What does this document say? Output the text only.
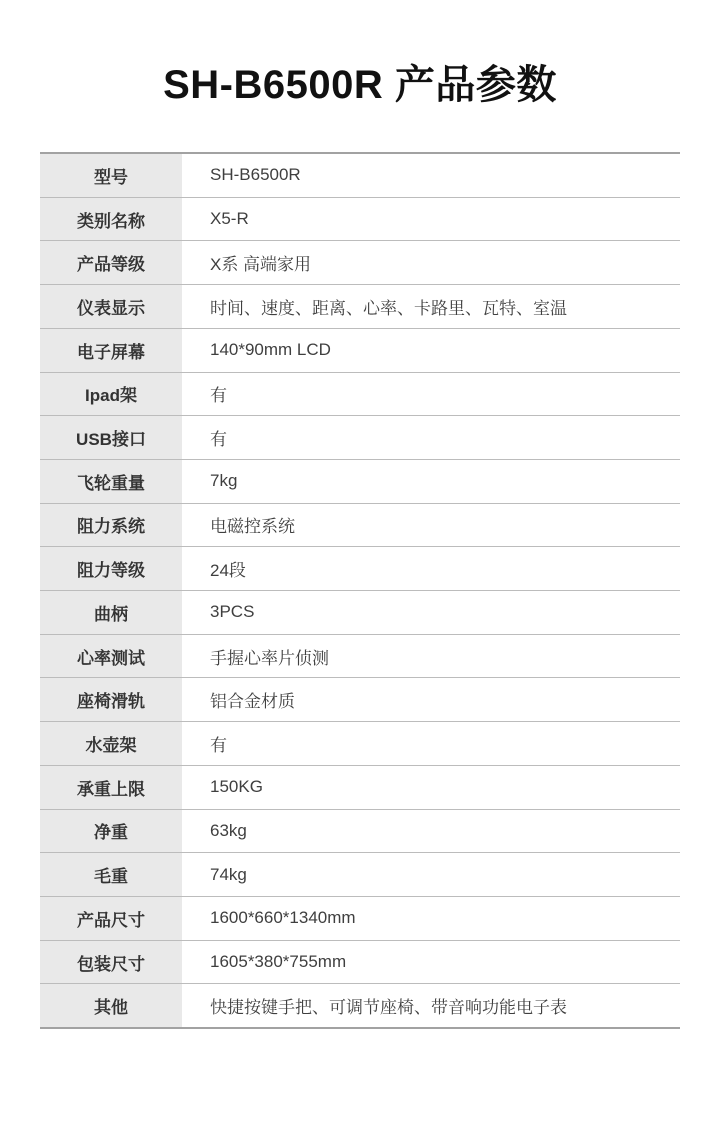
SH-B6500R 产品参数
型号	SH-B6500R
类别名称	X5-R
产品等级	X系 高端家用
仪表显示	时间、速度、距离、心率、卡路里、瓦特、室温
电子屏幕	140*90mm LCD
Ipad架	有
USB接口	有
飞轮重量	7kg
阻力系统	电磁控系统
阻力等级	24段
曲柄	3PCS
心率测试	手握心率片侦测
座椅滑轨	铝合金材质
水壶架	有
承重上限	150KG
净重	63kg
毛重	74kg
产品尺寸	1600*660*1340mm
包装尺寸	1605*380*755mm
其他	快捷按键手把、可调节座椅、带音响功能电子表
